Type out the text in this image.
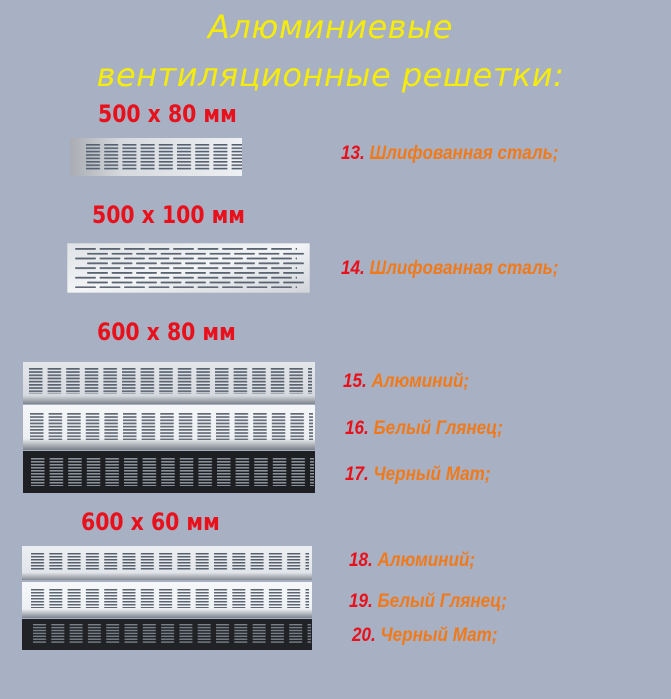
Алюминиевые
вентиляционные решетки:
500 x 80 мм
13. Шлифованная сталь;
500 x 100 мм
14. Шлифованная сталь;
600 x 80 мм
15. Алюминий;
16. Белый Глянец;
17. Черный Мат;
600 x 60 мм
18. Алюминий;
19. Белый Глянец;
20. Черный Мат;
